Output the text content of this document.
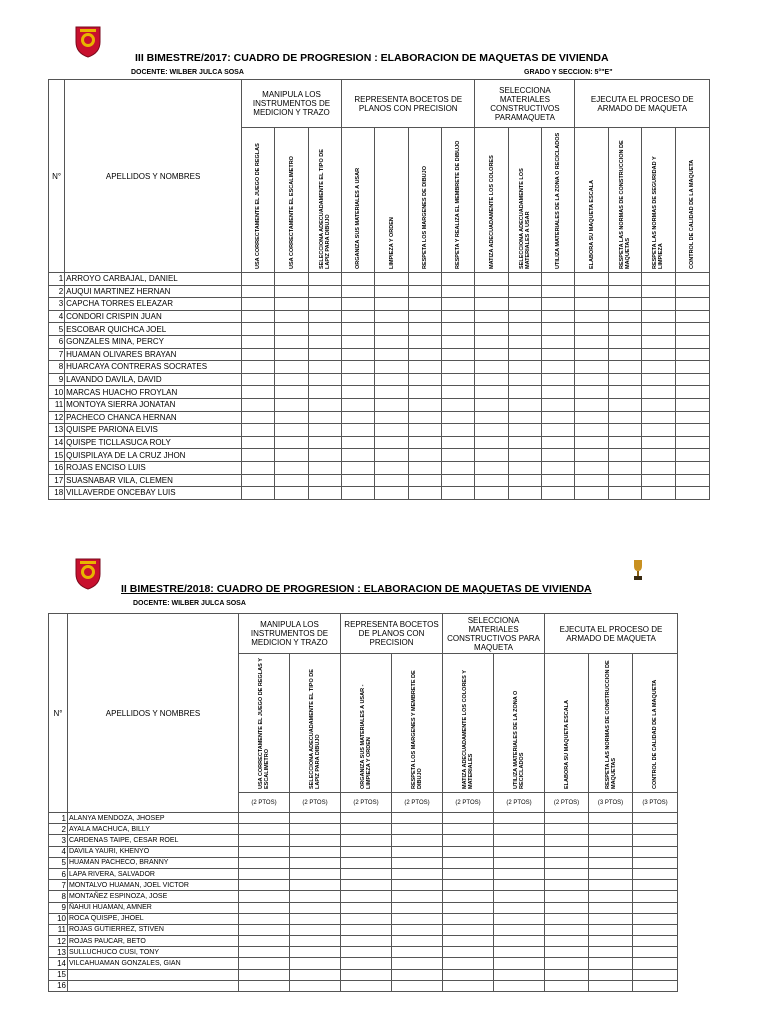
III BIMESTRE/2017: CUADRO DE PROGRESION : ELABORACION DE MAQUETAS DE VIVIENDA
DOCENTE: WILBER JULCA SOSA	GRADO Y SECCION: 5°"E"
N°	APELLIDOS Y NOMBRES	MANIPULA LOS INSTRUMENTOS DE MEDICION Y TRAZO			REPRESENTA BOCETOS DE PLANOS CON PRECISION				SELECCIONA MATERIALES CONSTRUCTIVOS PARAMAQUETA			EJECUTA EL PROCESO DE ARMADO DE MAQUETA			

		USA CORRECTAMENTE EL JUEGO DE REGLAS	USA CORRECTAMENTE EL ESCALIMETRO	SELECCIONA ADECUADAMENTE EL TIPO DE LAPIZ PARA DIBUJO	ORGANIZA SUS MATERIALES A USAR	LIMPIEZA Y ORDEN	RESPETA LOS MARGENES DE DIBUJO	RESPETA Y REALIZA EL MEMBRETE DE DIBUJO	MATIZA ADECUADAMENTE LOS COLORES	SELECCIONA ADECUADAMENTE LOS MATERIALES A USAR	UTILIZA MATERIALES DE LA ZONA O RECICLADOS	ELABORA SU MAQUETA ESCALA	RESPETA LAS NORMAS DE CONSTRUCCION DE MAQUETAS	RESPETA LAS NORMAS DE SEGURIDAD Y LIMPIEZA	CONTROL DE CALIDAD DE LA MAQUETA

1	ARROYO CARBAJAL, DANIEL														
2	AUQUI MARTINEZ HERNAN														
3	CAPCHA TORRES ELEAZAR														
4	CONDORI CRISPIN JUAN														
5	ESCOBAR QUICHCA JOEL														
6	GONZALES MINA, PERCY														
7	HUAMAN OLIVARES BRAYAN														
8	HUARCAYA CONTRERAS SOCRATES														
9	LAVANDO DAVILA, DAVID														
10	MARCAS HUACHO FROYLAN														
11	MONTOYA SIERRA JONATAN														
12	PACHECO CHANCA HERNAN														
13	QUISPE PARIONA ELVIS														
14	QUISPE TICLLASUCA ROLY														
15	QUISPILAYA DE LA CRUZ JHON														
16	ROJAS ENCISO LUIS														
17	SUASNABAR VILA, CLEMEN														
18	VILLAVERDE ONCEBAY LUIS														
II BIMESTRE/2018: CUADRO DE PROGRESION : ELABORACION DE MAQUETAS DE VIVIENDA
DOCENTE: WILBER JULCA SOSA
N°	APELLIDOS Y NOMBRES	MANIPULA LOS INSTRUMENTOS DE MEDICION Y TRAZO		REPRESENTA BOCETOS DE PLANOS CON PRECISION		SELECCIONA MATERIALES CONSTRUCTIVOS PARA MAQUETA		EJECUTA EL PROCESO DE ARMADO DE MAQUETA		

		USA CORRECTAMENTE EL JUEGO DE REGLAS Y ESCALIMETRO	SELECCIONA ADECUADAMENTE EL TIPO DE LAPIZ PARA DIBUJO	ORGANIZA SUS MATERIALES A USAR - LIMPIEZA Y ORDEN	RESPETA LOS MARGENES Y MEMBRETE DE DIBUJO	MATIZA ADECUADAMENTE LOS COLORES Y MATERIALES	UTILIZA MATERIALES DE LA ZONA O RECICLADOS	ELABORA SU MAQUETA ESCALA	RESPETA LAS NORMAS DE CONSTRUCCION DE MAQUETAS	CONTROL DE CALIDAD DE LA MAQUETA

		(2 PTOS)	(2 PTOS)	(2 PTOS)	(2 PTOS)	(2 PTOS)	(2 PTOS)	(2 PTOS)	(3 PTOS)	(3 PTOS)
1	ALANYA MENDOZA, JHOSEP									
2	AYALA MACHUCA, BILLY									
3	CARDENAS TAIPE, CESAR ROEL									
4	DAVILA YAURI, KHENYO									
5	HUAMAN PACHECO, BRANNY									
6	LAPA RIVERA, SALVADOR									
7	MONTALVO HUAMAN, JOEL VICTOR									
8	MONTAÑEZ ESPINOZA, JOSE									
9	ÑAHUI HUAMAN, AMNER									
10	ROCA QUISPE, JHOEL									
11	ROJAS GUTIERREZ, STIVEN									
12	ROJAS PAUCAR, BETO									
13	SULLUCHUCO CUSI, TONY									
14	VILCAHUAMAN GONZALES, GIAN									
15										
16										
